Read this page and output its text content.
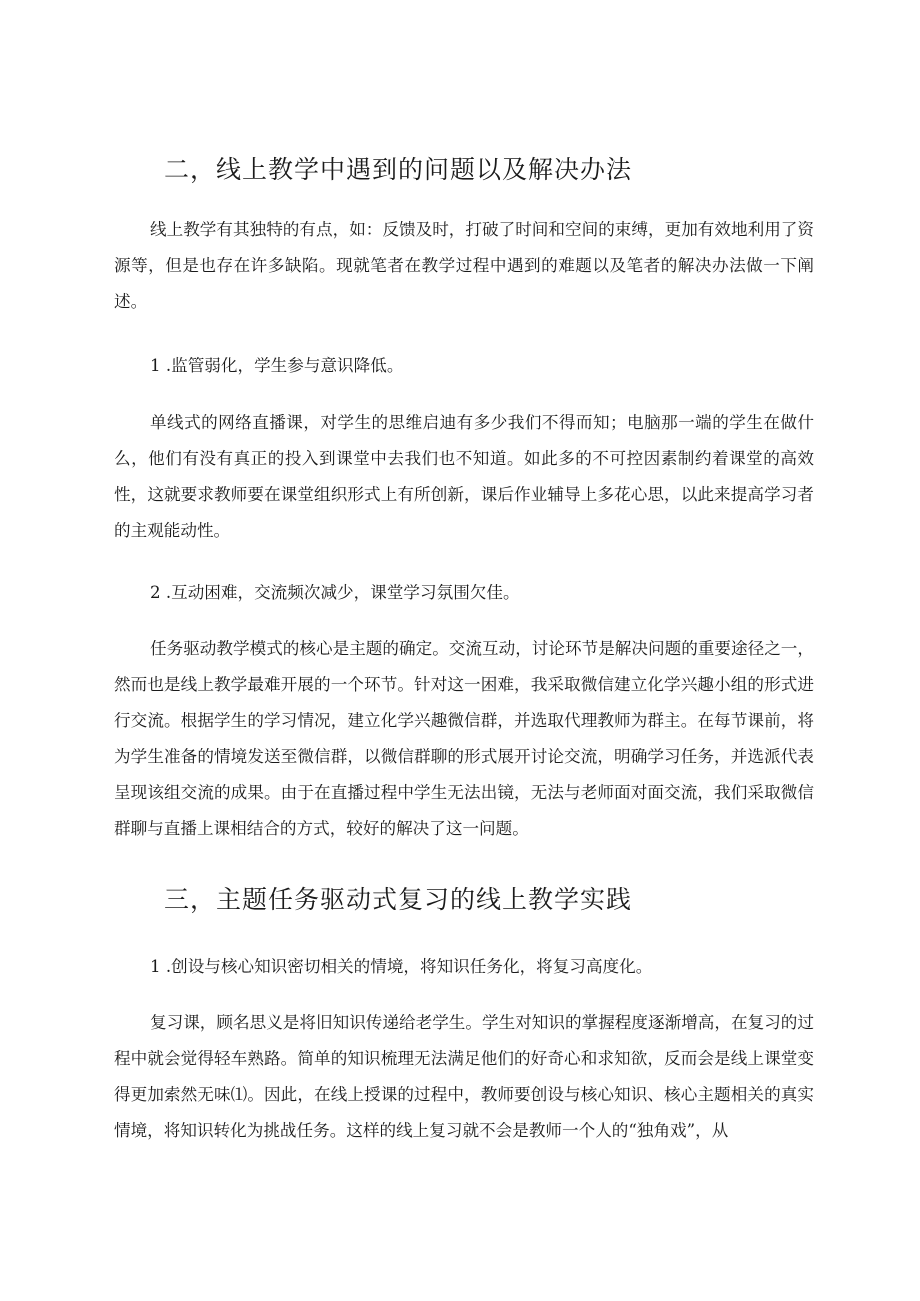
二，线上教学中遇到的问题以及解决办法

线上教学有其独特的有点，如：反馈及时，打破了时间和空间的束缚，更加有效地利用了资源等，但是也存在许多缺陷。现就笔者在教学过程中遇到的难题以及笔者的解决办法做一下阐述。

1 .监管弱化，学生参与意识降低。

单线式的网络直播课，对学生的思维启迪有多少我们不得而知；电脑那一端的学生在做什么，他们有没有真正的投入到课堂中去我们也不知道。如此多的不可控因素制约着课堂的高效性，这就要求教师要在课堂组织形式上有所创新，课后作业辅导上多花心思，以此来提高学习者的主观能动性。

2 .互动困难，交流频次减少，课堂学习氛围欠佳。

任务驱动教学模式的核心是主题的确定。交流互动，讨论环节是解决问题的重要途径之一，然而也是线上教学最难开展的一个环节。针对这一困难，我采取微信建立化学兴趣小组的形式进行交流。根据学生的学习情况，建立化学兴趣微信群，并选取代理教师为群主。在每节课前，将为学生准备的情境发送至微信群，以微信群聊的形式展开讨论交流，明确学习任务，并选派代表呈现该组交流的成果。由于在直播过程中学生无法出镜，无法与老师面对面交流，我们采取微信群聊与直播上课相结合的方式，较好的解决了这一问题。

三，主题任务驱动式复习的线上教学实践

1 .创设与核心知识密切相关的情境，将知识任务化，将复习高度化。

复习课，顾名思义是将旧知识传递给老学生。学生对知识的掌握程度逐渐增高，在复习的过程中就会觉得轻车熟路。简单的知识梳理无法满足他们的好奇心和求知欲，反而会是线上课堂变得更加索然无味⑴。因此，在线上授课的过程中，教师要创设与核心知识、核心主题相关的真实情境，将知识转化为挑战任务。这样的线上复习就不会是教师一个人的“独角戏”，从
